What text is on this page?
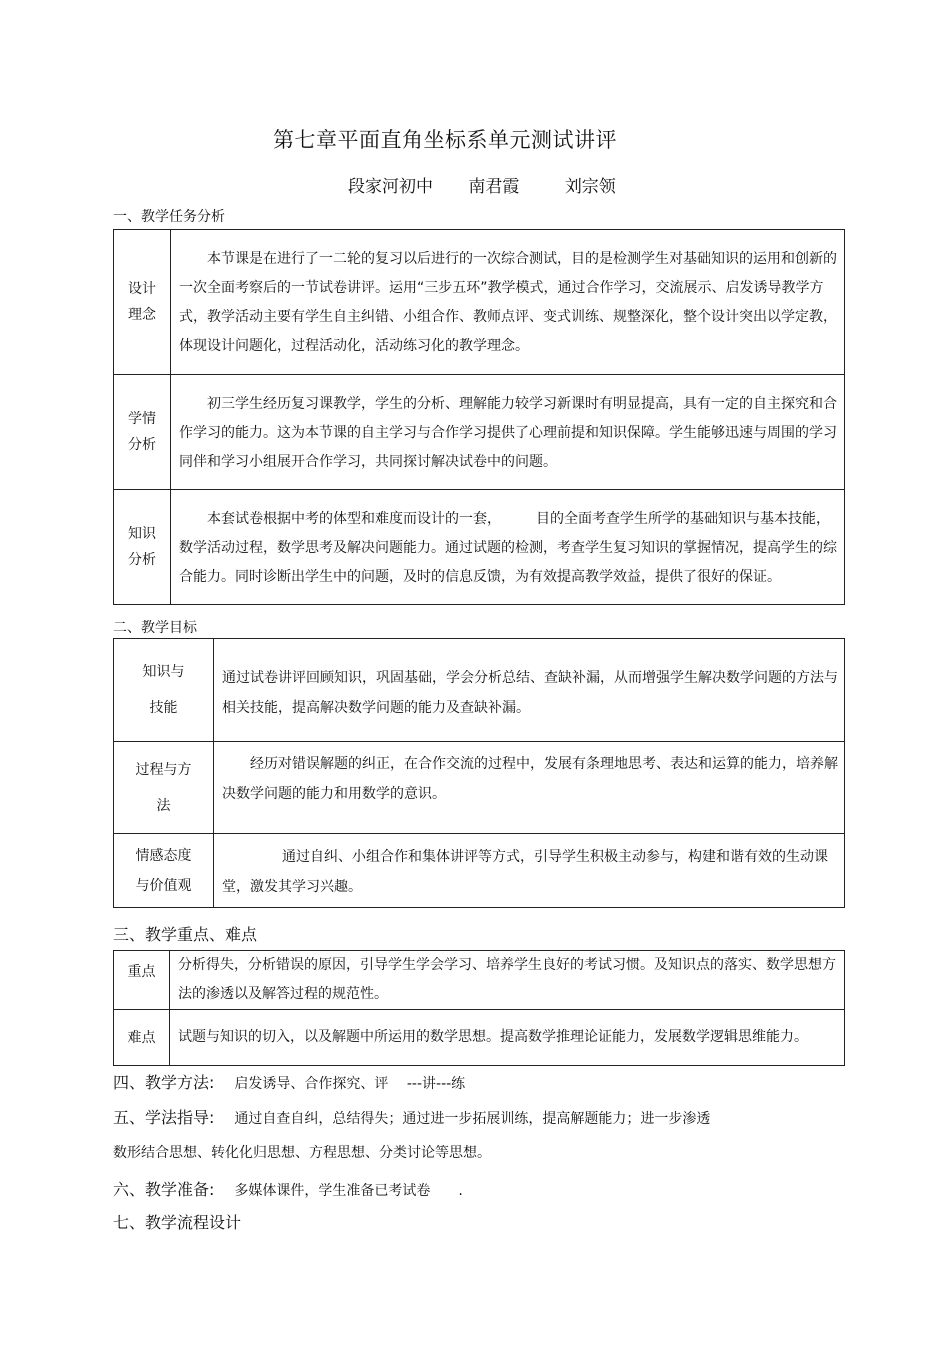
第七章平面直角坐标系单元测试讲评
段家河初中 南君霞	刘宗领
一、教学任务分析
设计
理念	本节课是在进行了一二轮的复习以后进行的一次综合测试，目的是检测学生对基础知识的运用和创新的一次全面考察后的一节试卷讲评。运用“三步五环”教学模式，通过合作学习，交流展示、启发诱导教学方式，教学活动主要有学生自主纠错、小组合作、教师点评、变式训练、规整深化，整个设计突出以学定教，体现设计问题化，过程活动化，活动练习化的教学理念。

学情
分析	初三学生经历复习课教学，学生的分析、理解能力较学习新课时有明显提高，具有一定的自主探究和合作学习的能力。这为本节课的自主学习与合作学习提供了心理前提和知识保障。学生能够迅速与周围的学习同伴和学习小组展开合作学习，共同探讨解决试卷中的问题。

知识
分析	本套试卷根据中考的体型和难度而设计的一套，　　　目的全面考查学生所学的基础知识与基本技能，数学活动过程，数学思考及解决问题能力。通过试题的检测，考查学生复习知识的掌握情况，提高学生的综合能力。同时诊断出学生中的问题，及时的信息反馈，为有效提高教学效益，提供了很好的保证。
二、教学目标
知识与
技能	通过试卷讲评回顾知识，巩固基础，学会分析总结、查缺补漏，从而增强学生解决数学问题的方法与相关技能，提高解决数学问题的能力及查缺补漏。

过程与方
法	经历对错误解题的纠正，在合作交流的过程中，发展有条理地思考、表达和运算的能力，培养解决数学问题的能力和用数学的意识。

情感态度
与价值观	通过自纠、小组合作和集体讲评等方式，引导学生积极主动参与，构建和谐有效的生动课堂，激发其学习兴趣。
三、教学重点、难点
重点	分析得失，分析错误的原因，引导学生学会学习、培养学生良好的考试习惯。及知识点的落实、数学思想方法的渗透以及解答过程的规范性。

难点	试题与知识的切入，以及解题中所运用的数学思想。提高数学推理论证能力，发展数学逻辑思维能力。
四、教学方法: 启发诱导、合作探究、评　 ---讲---练
五、学法指导: 通过自查自纠，总结得失；通过进一步拓展训练，提高解题能力；进一步渗透
数形结合思想、转化化归思想、方程思想、分类讨论等思想。
六、教学准备: 多媒体课件，学生准备已考试卷　　.
七、教学流程设计
